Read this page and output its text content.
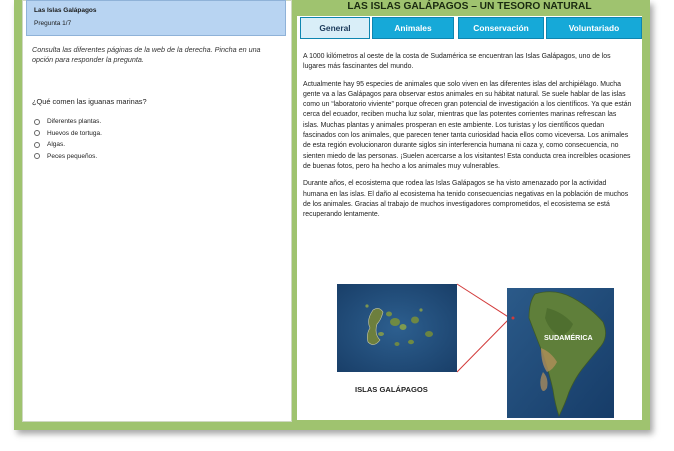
Las Islas Galápagos
Pregunta 1/7
Consulta las diferentes páginas de la web de la derecha. Pincha en una opción para responder la pregunta.
¿Qué comen las iguanas marinas?
Diferentes plantas.
Huevos de tortuga.
Algas.
Peces pequeños.
LAS ISLAS GALÁPAGOS – UN TESORO NATURAL
General	Animales	Conservación	Voluntariado

A 1000 kilómetros al oeste de la costa de Sudamérica se encuentran las Islas Galápagos, uno de los lugares más fascinantes del mundo.

Actualmente hay 95 especies de animales que solo viven en las diferentes islas del archipiélago. Mucha gente va a las Galápagos para observar estos animales en su hábitat natural. Se suele hablar de las islas como un “laboratorio viviente” porque ofrecen gran potencial de investigación a los científicos. Ya que están cerca del ecuador, reciben mucha luz solar, mientras que las potentes corrientes marinas refrescan las islas. Muchas plantas y animales prosperan en este ambiente. Los turistas y los científicos quedan fascinados con los animales, que parecen tener tanta curiosidad hacia ellos como viceversa. Los animales de esta región evolucionaron durante siglos sin interferencia humana ni caza y, como consecuencia, no sienten miedo de las personas. ¡Suelen acercarse a los visitantes! Esta conducta crea increíbles ocasiones de buenas fotos, pero ha hecho a los animales muy vulnerables.

Durante años, el ecosistema que rodea las Islas Galápagos se ha visto amenazado por la actividad humana en las islas. El daño al ecosistema ha tenido consecuencias negativas en la población de muchos de los animales. Gracias al trabajo de muchos investigadores comprometidos, el ecosistema se está recuperando lentamente.

ISLAS GALÁPAGOS
SUDAMÉRICA
